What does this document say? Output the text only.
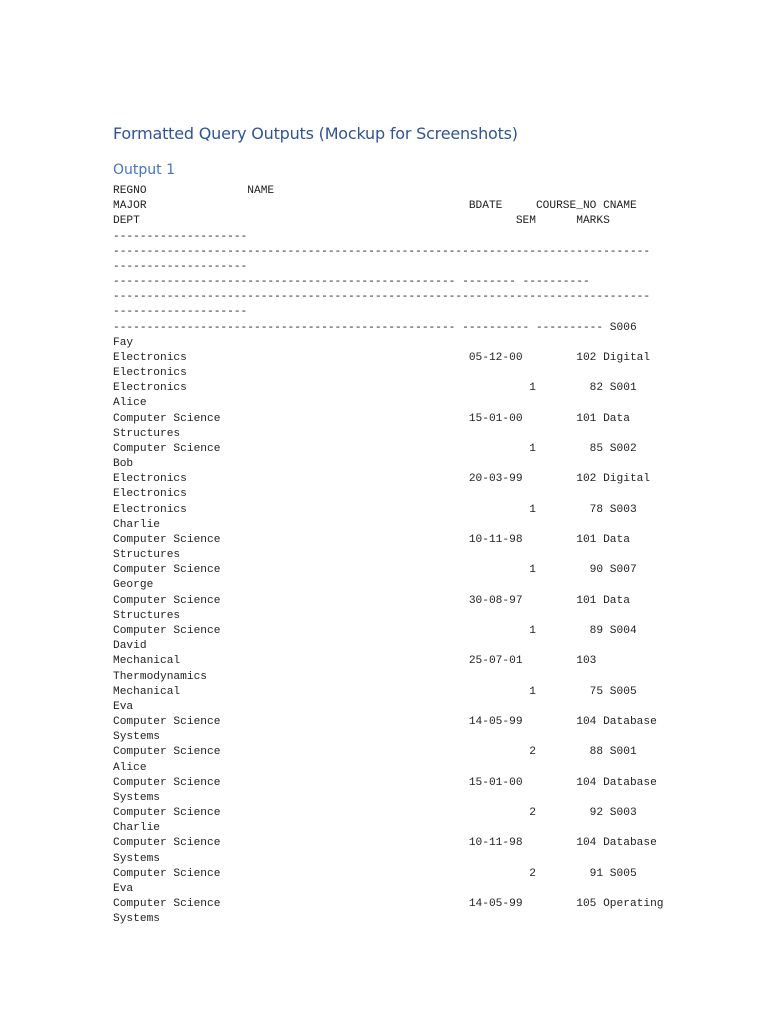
Formatted Query Outputs (Mockup for Screenshots)
Output 1
REGNO               NAME
MAJOR                                                BDATE     COURSE_NO CNAME
DEPT                                                        SEM      MARKS
--------------------
--------------------------------------------------------------------------------
--------------------
--------------------------------------------------- -------- ----------
--------------------------------------------------------------------------------
--------------------
--------------------------------------------------- ---------- ---------- S006
Fay
Electronics                                          05-12-00        102 Digital
Electronics
Electronics                                                   1        82 S001
Alice
Computer Science                                     15-01-00        101 Data
Structures
Computer Science                                              1        85 S002
Bob
Electronics                                          20-03-99        102 Digital
Electronics
Electronics                                                   1        78 S003
Charlie
Computer Science                                     10-11-98        101 Data
Structures
Computer Science                                              1        90 S007
George
Computer Science                                     30-08-97        101 Data
Structures
Computer Science                                              1        89 S004
David
Mechanical                                           25-07-01        103
Thermodynamics
Mechanical                                                    1        75 S005
Eva
Computer Science                                     14-05-99        104 Database
Systems
Computer Science                                              2        88 S001
Alice
Computer Science                                     15-01-00        104 Database
Systems
Computer Science                                              2        92 S003
Charlie
Computer Science                                     10-11-98        104 Database
Systems
Computer Science                                              2        91 S005
Eva
Computer Science                                     14-05-99        105 Operating
Systems
